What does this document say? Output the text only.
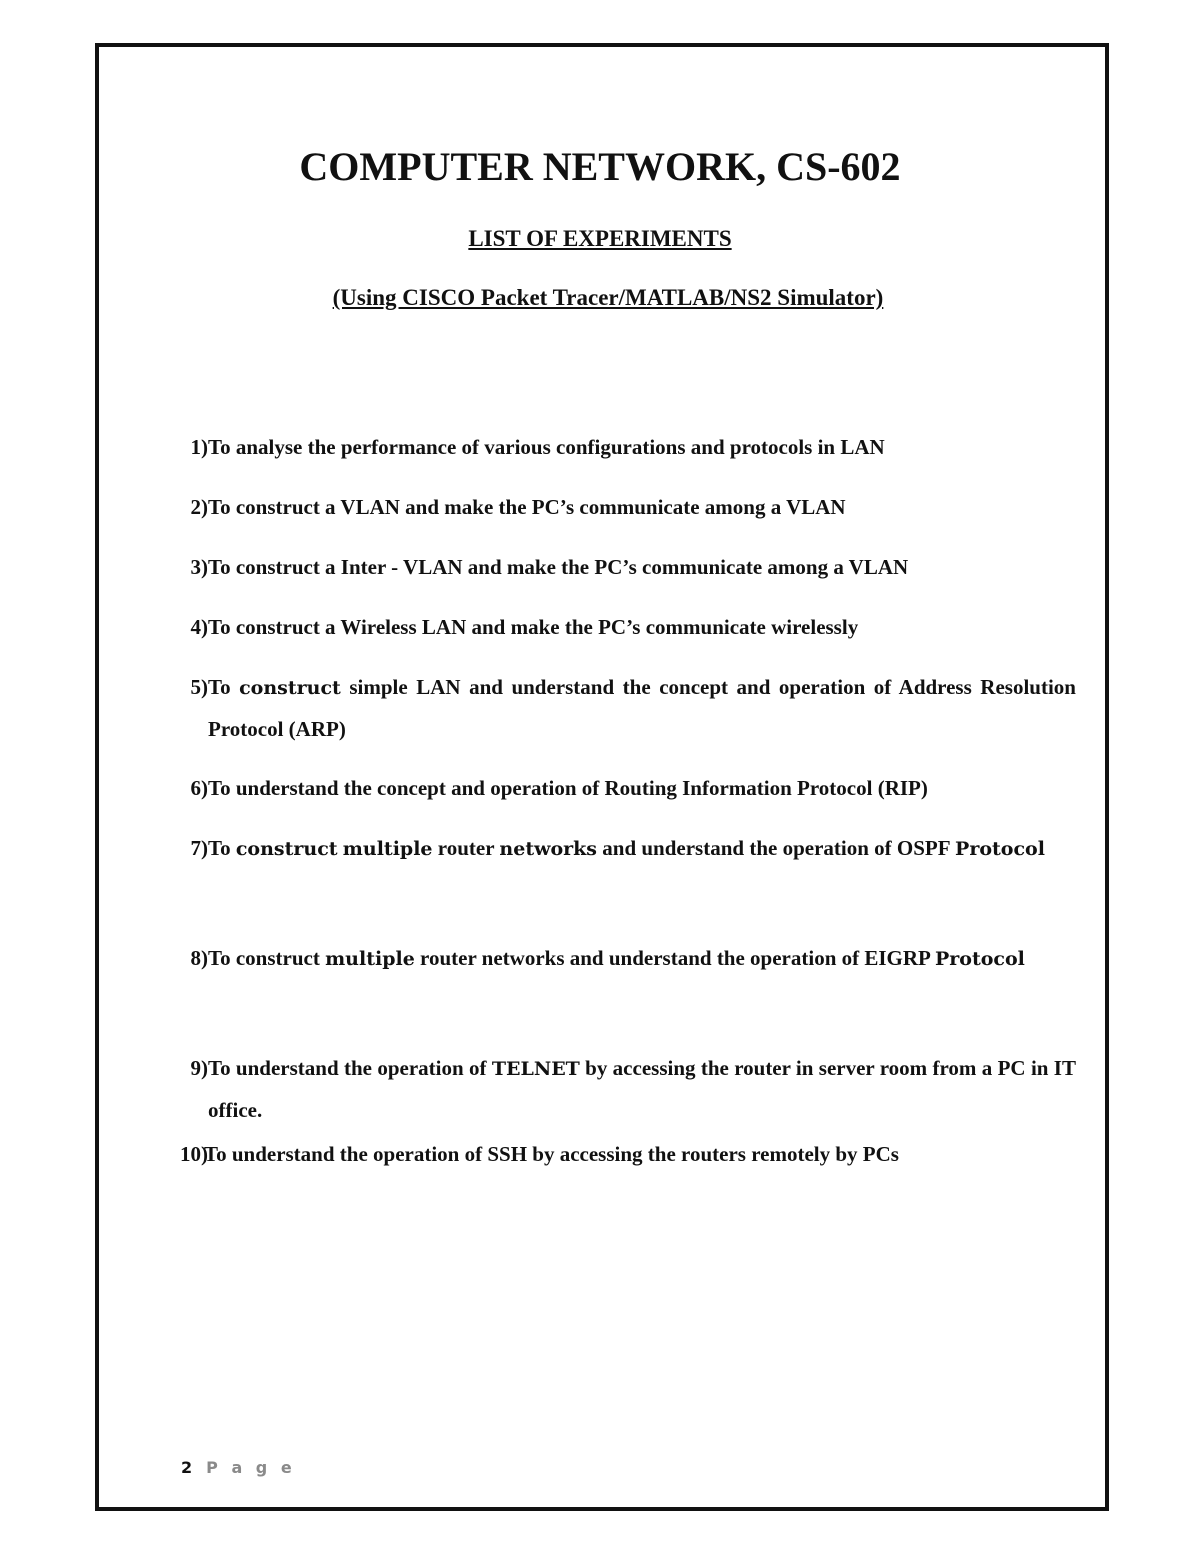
COMPUTER NETWORK, CS-602
LIST OF EXPERIMENTS
(Using CISCO Packet Tracer/MATLAB/NS2 Simulator)
1) To analyse the performance of various configurations and protocols in LAN
2) To construct a VLAN and make the PC’s communicate among a VLAN
3) To construct a Inter - VLAN and make the PC’s communicate among a VLAN
4) To construct a Wireless LAN and make the PC’s communicate wirelessly
5) To construct simple LAN and understand the concept and operation of Address Resolution Protocol (ARP)
6) To understand the concept and operation of Routing Information Protocol (RIP)
7) To construct multiple router networks and understand the operation of OSPF Protocol
8) To construct multiple router networks and understand the operation of EIGRP Protocol
9) To understand the operation of TELNET by accessing the router in server room from a PC in IT office.
10)
To understand the operation of SSH by accessing the routers remotely by PCs
2 P a g e
